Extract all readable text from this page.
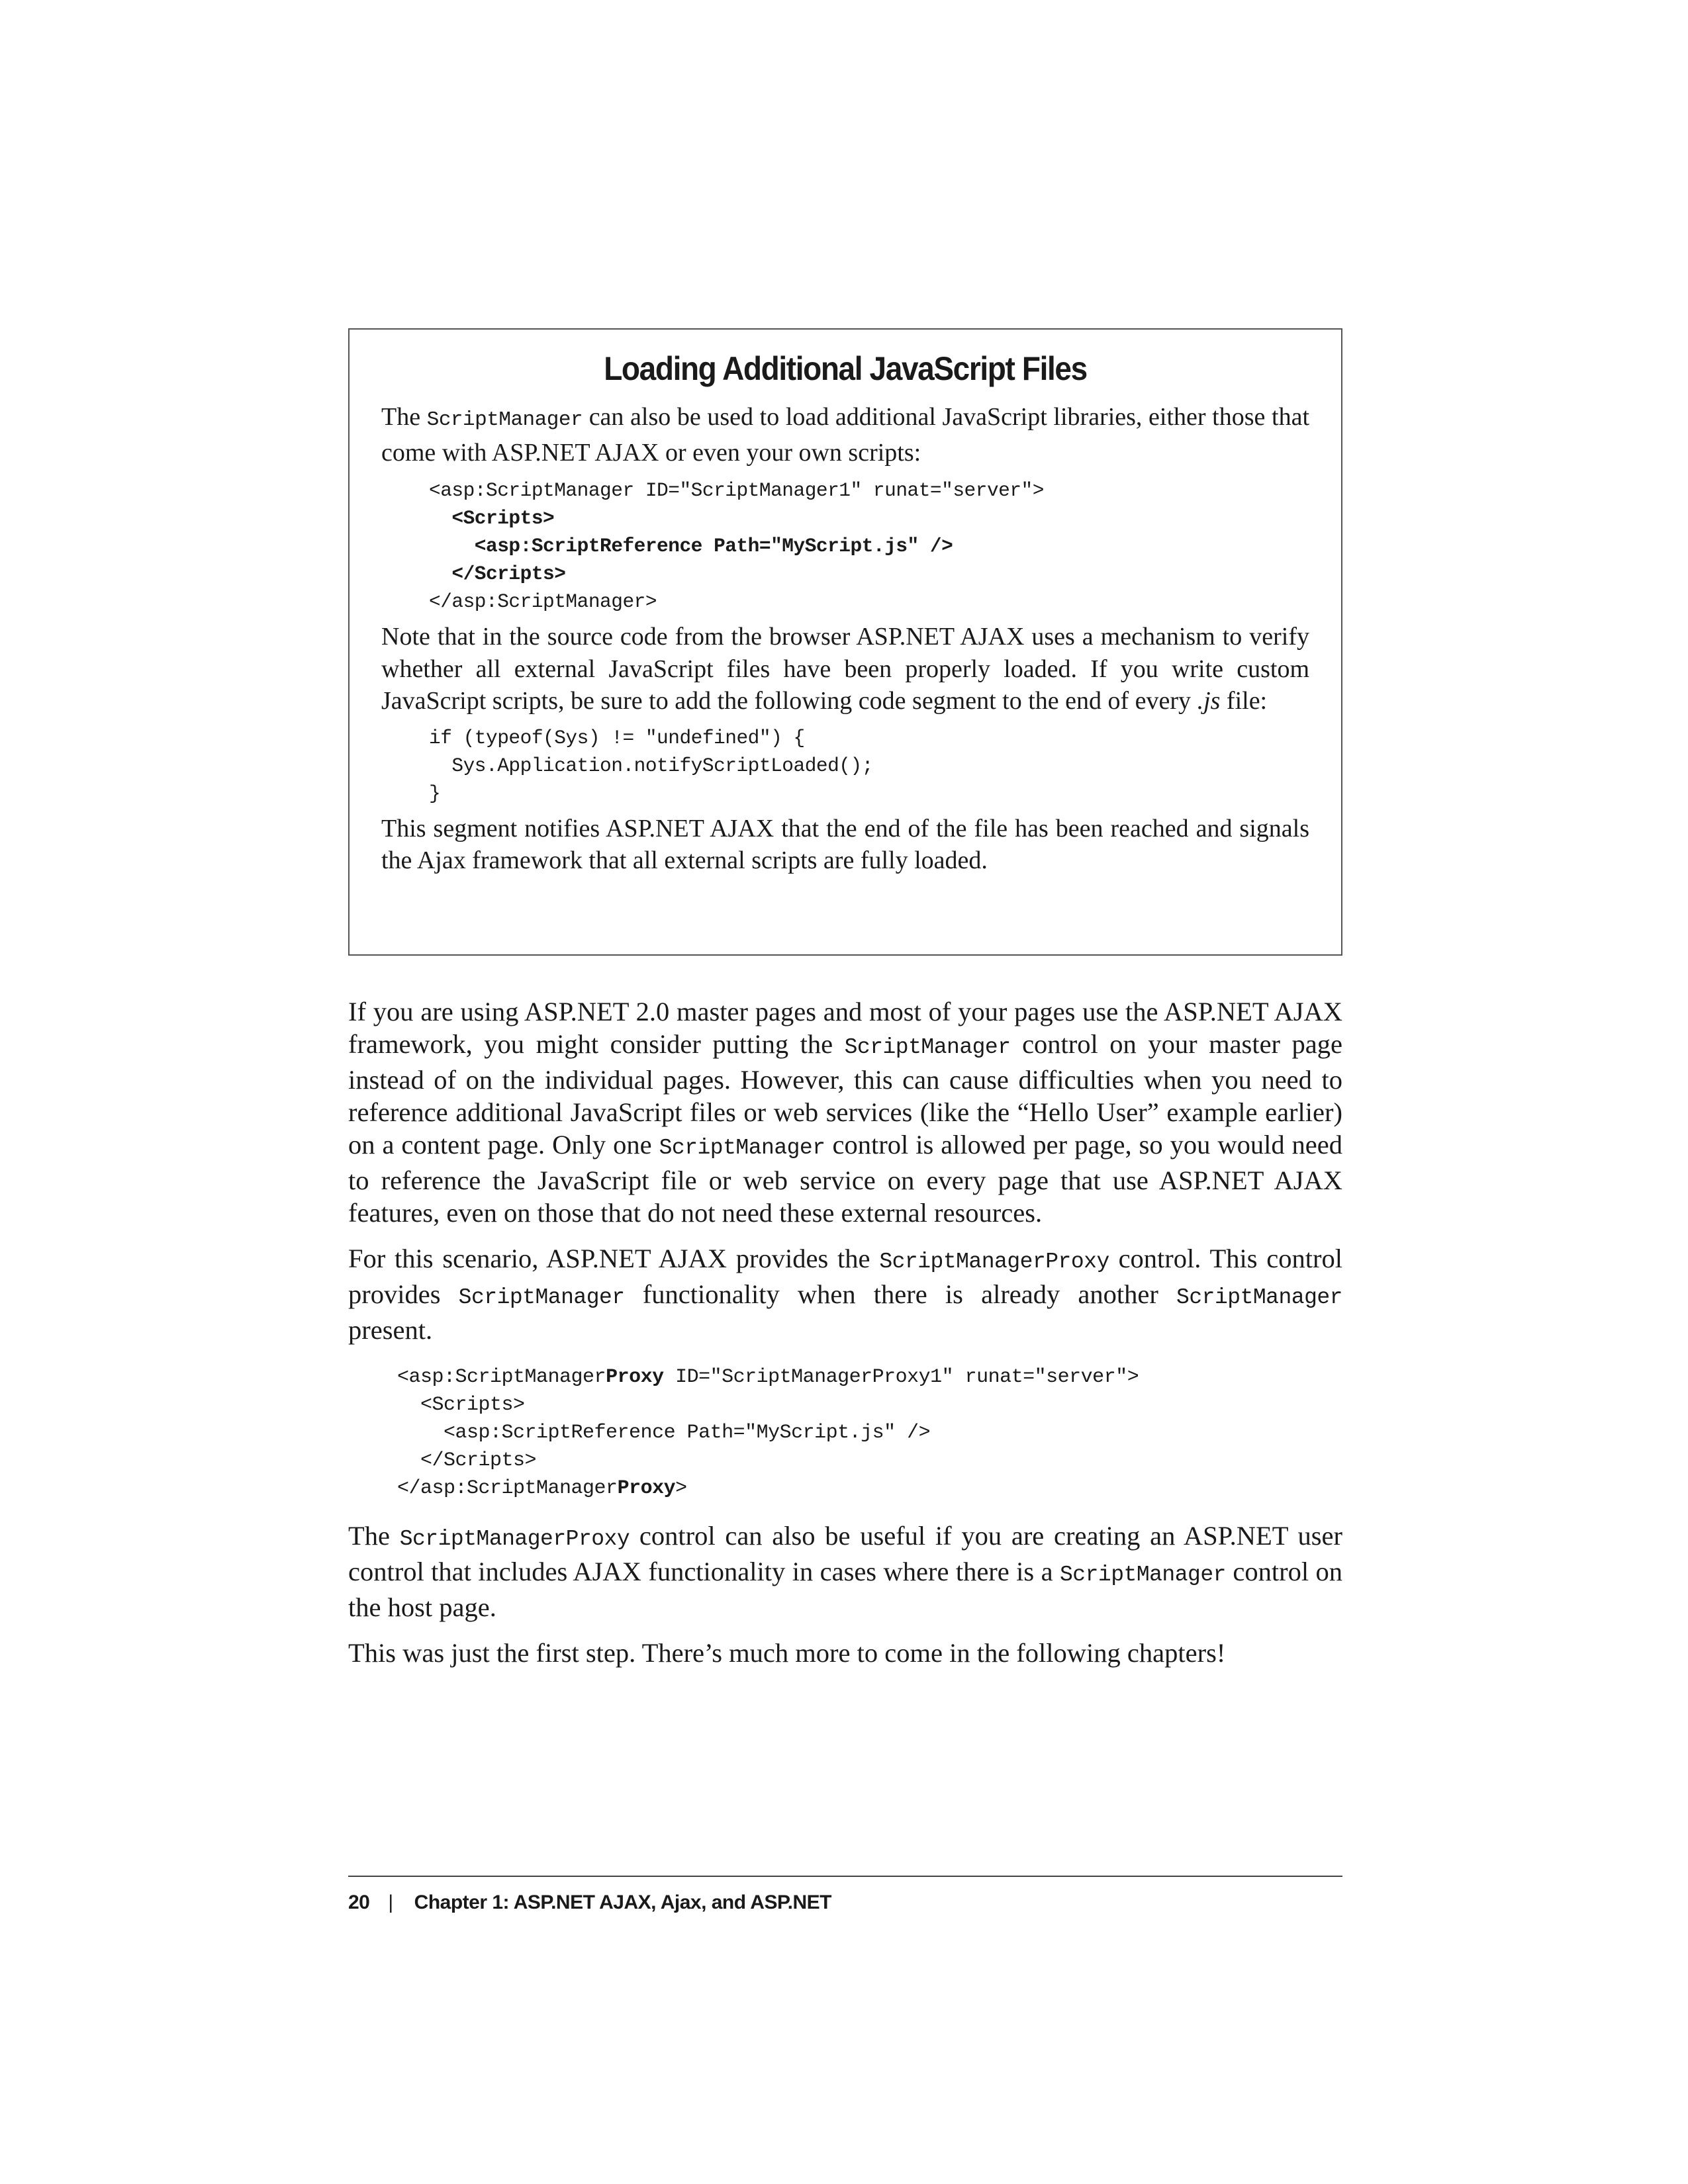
Loading Additional JavaScript Files

The ScriptManager can also be used to load additional JavaScript libraries, either those that come with ASP.NET AJAX or even your own scripts:

<asp:ScriptManager ID="ScriptManager1" runat="server">
<Scripts>
<asp:ScriptReference Path="MyScript.js" />
</Scripts>
</asp:ScriptManager>

Note that in the source code from the browser ASP.NET AJAX uses a mechanism to verify whether all external JavaScript files have been properly loaded. If you write custom JavaScript scripts, be sure to add the following code segment to the end of every .js file:

if (typeof(Sys) != "undefined") {
Sys.Application.notifyScriptLoaded();
}

This segment notifies ASP.NET AJAX that the end of the file has been reached and signals the Ajax framework that all external scripts are fully loaded.

If you are using ASP.NET 2.0 master pages and most of your pages use the ASP.NET AJAX framework, you might consider putting the ScriptManager control on your master page instead of on the individual pages. However, this can cause difficulties when you need to reference additional JavaScript files or web services (like the “Hello User” example earlier) on a content page. Only one ScriptManager control is allowed per page, so you would need to reference the JavaScript file or web service on every page that use ASP.NET AJAX features, even on those that do not need these external resources.

For this scenario, ASP.NET AJAX provides the ScriptManagerProxy control. This control provides ScriptManager functionality when there is already another ScriptManager present.

<asp:ScriptManagerProxy ID="ScriptManagerProxy1" runat="server">
<Scripts>
<asp:ScriptReference Path="MyScript.js" />
</Scripts>
</asp:ScriptManagerProxy>

The ScriptManagerProxy control can also be useful if you are creating an ASP.NET user control that includes AJAX functionality in cases where there is a ScriptManager control on the host page.

This was just the first step. There’s much more to come in the following chapters!

20 | Chapter 1: ASP.NET AJAX, Ajax, and ASP.NET
